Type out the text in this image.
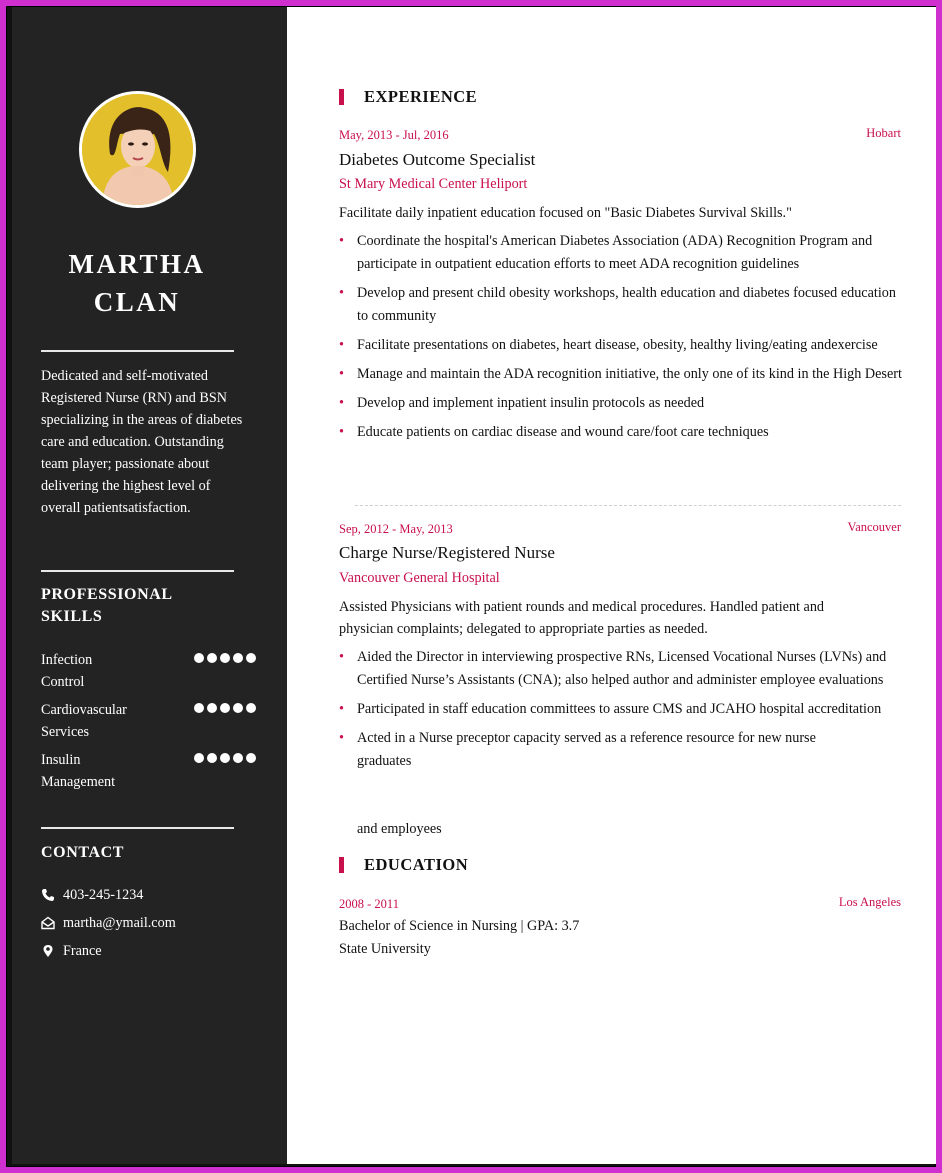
MARTHA
CLAN
Dedicated and self-motivated Registered Nurse (RN) and BSN specializing in the areas of diabetes care and education. Outstanding team player; passionate about delivering the highest level of overall patientsatisfaction.
PROFESSIONAL
SKILLS
Infection
Control
Cardiovascular
Services
Insulin
Management
CONTACT
403-245-1234
martha@ymail.com
France
EXPERIENCE
May, 2013 - Jul, 2016	Hobart
Diabetes Outcome Specialist
St Mary Medical Center Heliport
Facilitate daily inpatient education focused on "Basic Diabetes Survival Skills."
• Coordinate the hospital's American Diabetes Association (ADA) Recognition Program and participate in outpatient education efforts to meet ADA recognition guidelines
• Develop and present child obesity workshops, health education and diabetes focused education to community
• Facilitate presentations on diabetes, heart disease, obesity, healthy living/eating andexercise
• Manage and maintain the ADA recognition initiative, the only one of its kind in the High Desert
• Develop and implement inpatient insulin protocols as needed
• Educate patients on cardiac disease and wound care/foot care techniques
Sep, 2012 - May, 2013	Vancouver
Charge Nurse/Registered Nurse
Vancouver General Hospital
Assisted Physicians with patient rounds and medical procedures. Handled patient and physician complaints; delegated to appropriate parties as needed.
• Aided the Director in interviewing prospective RNs, Licensed Vocational Nurses (LVNs) and Certified Nurse’s Assistants (CNA); also helped author and administer employee evaluations
• Participated in staff education committees to assure CMS and JCAHO hospital accreditation
• Acted in a Nurse preceptor capacity served as a reference resource for new nurse graduates
and employees
EDUCATION
2008 - 2011	Los Angeles
Bachelor of Science in Nursing | GPA: 3.7
State University
